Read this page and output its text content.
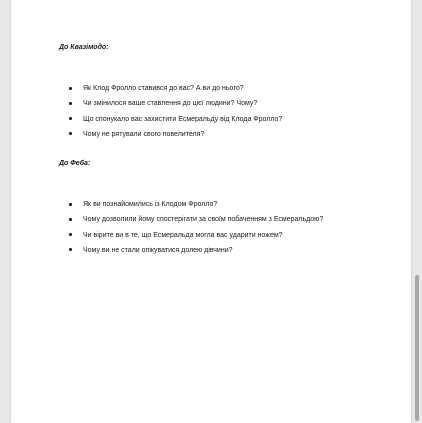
До Квазімодо:
Як Клод Фролло ставився до вас? А ви до нього?
Чи змінилося ваше ставлення до цієї людини? Чому?
Що спонукало вас захистити Есмеральду від Клода Фролло?
Чому не рятували свого повелителя?
До Феба:
Як ви познайомились із Клодом Фролло?
Чому дозволили йому спостерігати за своїм побаченням з Есмеральдою?
Чи вірите ви в те, що Есмеральда могла вас ударити ножем?
Чому ви не стали опікуватися долею дівчини?
